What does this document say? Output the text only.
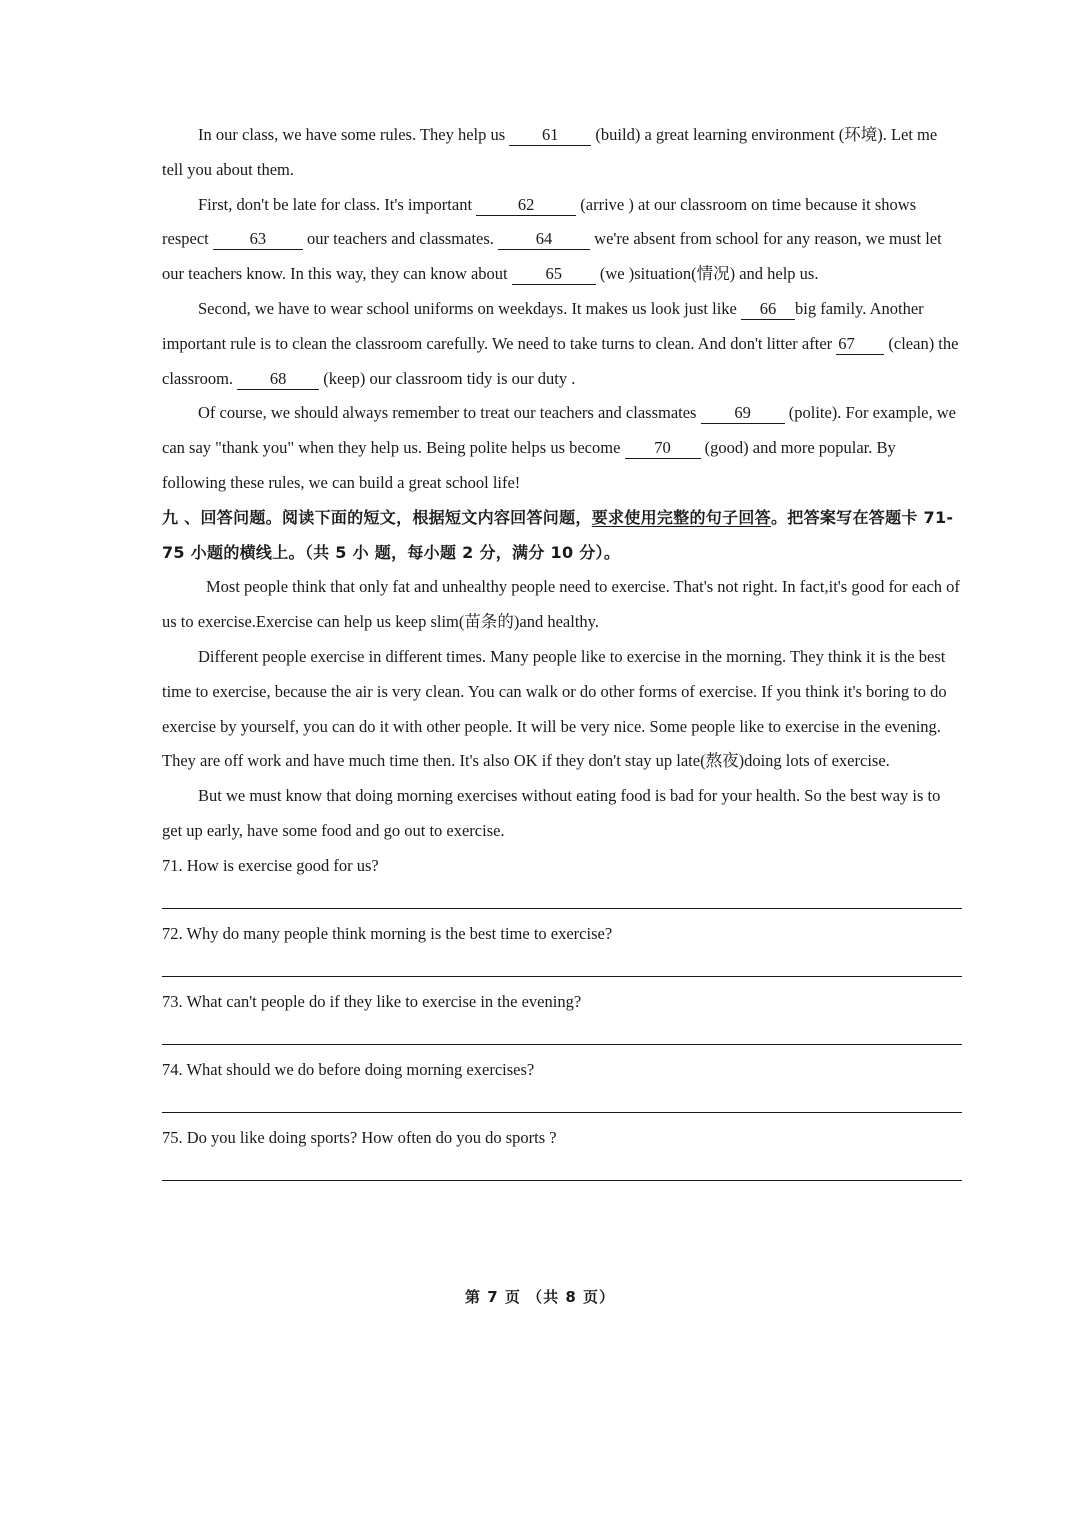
In our class, we have some rules. They help us 61 (build) a great learning environment (环境). Let me tell you about them.

First, don't be late for class. It's important	62	(arrive ) at our classroom on time because it shows respect 63 our teachers and classmates. 64 we're absent from school for any reason, we must let our teachers know. In this way, they can know about 65 (we )situation(情况) and help us.

Second, we have to wear school uniforms on weekdays. It makes us look just like 66 big family. Another important rule is to clean the classroom carefully. We need to take turns to clean. And don't litter after 67 (clean) the classroom. 68 (keep) our classroom tidy is our duty .

Of course, we should always remember to treat our teachers and classmates 69 (polite). For example, we can say "thank you" when they help us. Being polite helps us become 70 (good) and more popular. By following these rules, we can build a great school life!

九 、回答问题。阅读下面的短文，根据短文内容回答问题，要求使用完整的句子回答。把答案写在答题卡 71-75 小题的横线上。（共 5 小 题，每小题 2 分，满分 10 分）。

Most people think that only fat and unhealthy people need to exercise. That's not right. In fact,it's good for each of us to exercise.Exercise can help us keep slim(苗条的)and healthy.

Different people exercise in different times. Many people like to exercise in the morning. They think it is the best time to exercise, because the air is very clean. You can walk or do other forms of exercise. If you think it's boring to do exercise by yourself, you can do it with other people. It will be very nice. Some people like to exercise in the evening. They are off work and have much time then. It's also OK if they don't stay up late(熬夜)doing lots of exercise.

But we must know that doing morning exercises without eating food is bad for your health. So the best way is to get up early, have some food and go out to exercise.

71. How is exercise good for us?

72. Why do many people think morning is the best time to exercise?

73. What can't people do if they like to exercise in the evening?

74. What should we do before doing morning exercises?

75. Do you like doing sports? How often do you do sports ?

第 7 页 （共 8 页）
